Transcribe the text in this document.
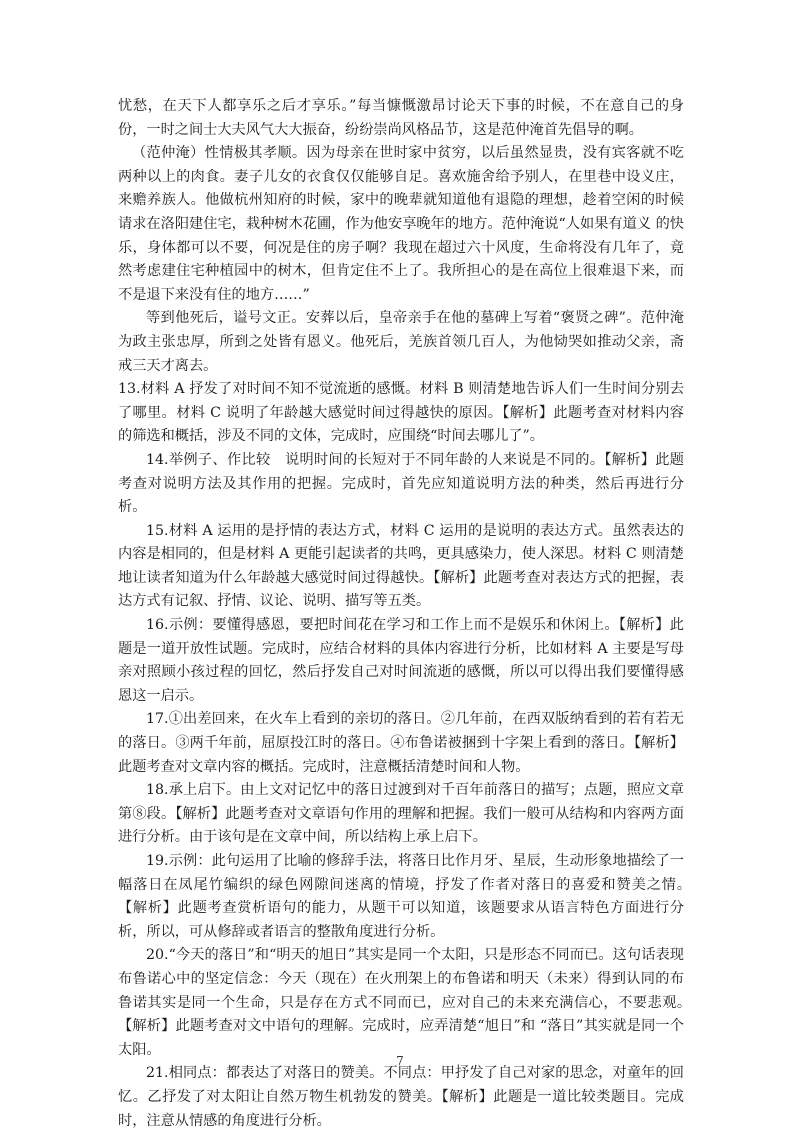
忧愁，在天下人都享乐之后才享乐。”每当慷慨激昂讨论天下事的时候，不在意自己的身份，一时之间士大夫风气大大振奋，纷纷崇尚风格品节，这是范仲淹首先倡导的啊。

（范仲淹）性情极其孝顺。因为母亲在世时家中贫穷，以后虽然显贵，没有宾客就不吃两种以上的肉食。妻子儿女的衣食仅仅能够自足。喜欢施舍给予别人，在里巷中设义庄，来赡养族人。他做杭州知府的时候，家中的晚辈就知道他有退隐的理想，趁着空闲的时候请求在洛阳建住宅，栽种树木花圃，作为他安享晚年的地方。范仲淹说“人如果有道义 的快乐，身体都可以不要，何况是住的房子啊？我现在超过六十风度，生命将没有几年了，竟然考虑建住宅种植园中的树木，但肯定住不上了。我所担心的是在高位上很难退下来，而不是退下来没有住的地方……”

等到他死后，谥号文正。安葬以后，皇帝亲手在他的墓碑上写着“褒贤之碑”。范仲淹为政主张忠厚，所到之处皆有恩义。他死后，羌族首领几百人，为他恸哭如推动父亲，斋戒三天才离去。

13.材料 A 抒发了对时间不知不觉流逝的感慨。材料 B 则清楚地告诉人们一生时间分别去了哪里。材料 C 说明了年龄越大感觉时间过得越快的原因。【解析】此题考查对材料内容的筛选和概括，涉及不同的文体，完成时，应围绕“时间去哪儿了”。

14.举例子、作比较　说明时间的长短对于不同年龄的人来说是不同的。【解析】此题考查对说明方法及其作用的把握。完成时，首先应知道说明方法的种类，然后再进行分析。

15.材料 A 运用的是抒情的表达方式，材料 C 运用的是说明的表达方式。虽然表达的内容是相同的，但是材料 A 更能引起读者的共鸣，更具感染力，使人深思。材料 C 则清楚地让读者知道为什么年龄越大感觉时间过得越快。【解析】此题考查对表达方式的把握，表达方式有记叙、抒情、议论、说明、描写等五类。

16.示例：要懂得感恩，要把时间花在学习和工作上而不是娱乐和休闲上。【解析】此题是一道开放性试题。完成时，应结合材料的具体内容进行分析，比如材料 A 主要是写母亲对照顾小孩过程的回忆，然后抒发自己对时间流逝的感慨，所以可以得出我们要懂得感恩这一启示。

17.①出差回来，在火车上看到的亲切的落日。②几年前，在西双版纳看到的若有若无的落日。③两千年前，屈原投江时的落日。④布鲁诺被捆到十字架上看到的落日。【解析】此题考查对文章内容的概括。完成时，注意概括清楚时间和人物。

18.承上启下。由上文对记忆中的落日过渡到对千百年前落日的描写；点题，照应文章第⑧段。【解析】此题考查对文章语句作用的理解和把握。我们一般可从结构和内容两方面进行分析。由于该句是在文章中间，所以结构上承上启下。

19.示例：此句运用了比喻的修辞手法，将落日比作月牙、星辰，生动形象地描绘了一幅落日在凤尾竹编织的绿色网隙间迷离的情境，抒发了作者对落日的喜爱和赞美之情。　【解析】此题考查赏析语句的能力，从题干可以知道，该题要求从语言特色方面进行分析，所以，可从修辞或者语言的整散角度进行分析。

20.“今天的落日”和“明天的旭日”其实是同一个太阳，只是形态不同而已。这句话表现布鲁诺心中的坚定信念：今天（现在）在火刑架上的布鲁诺和明天（未来）得到认同的布鲁诺其实是同一个生命，只是存在方式不同而已，应对自己的未来充满信心，不要悲观。　【解析】此题考查对文中语句的理解。完成时，应弄清楚“旭日”和 “落日”其实就是同一个太阳。

21.相同点：都表达了对落日的赞美。不同点：甲抒发了自己对家的思念，对童年的回忆。乙抒发了对太阳让自然万物生机勃发的赞美。【解析】此题是一道比较类题目。完成时，注意从情感的角度进行分析。

7
